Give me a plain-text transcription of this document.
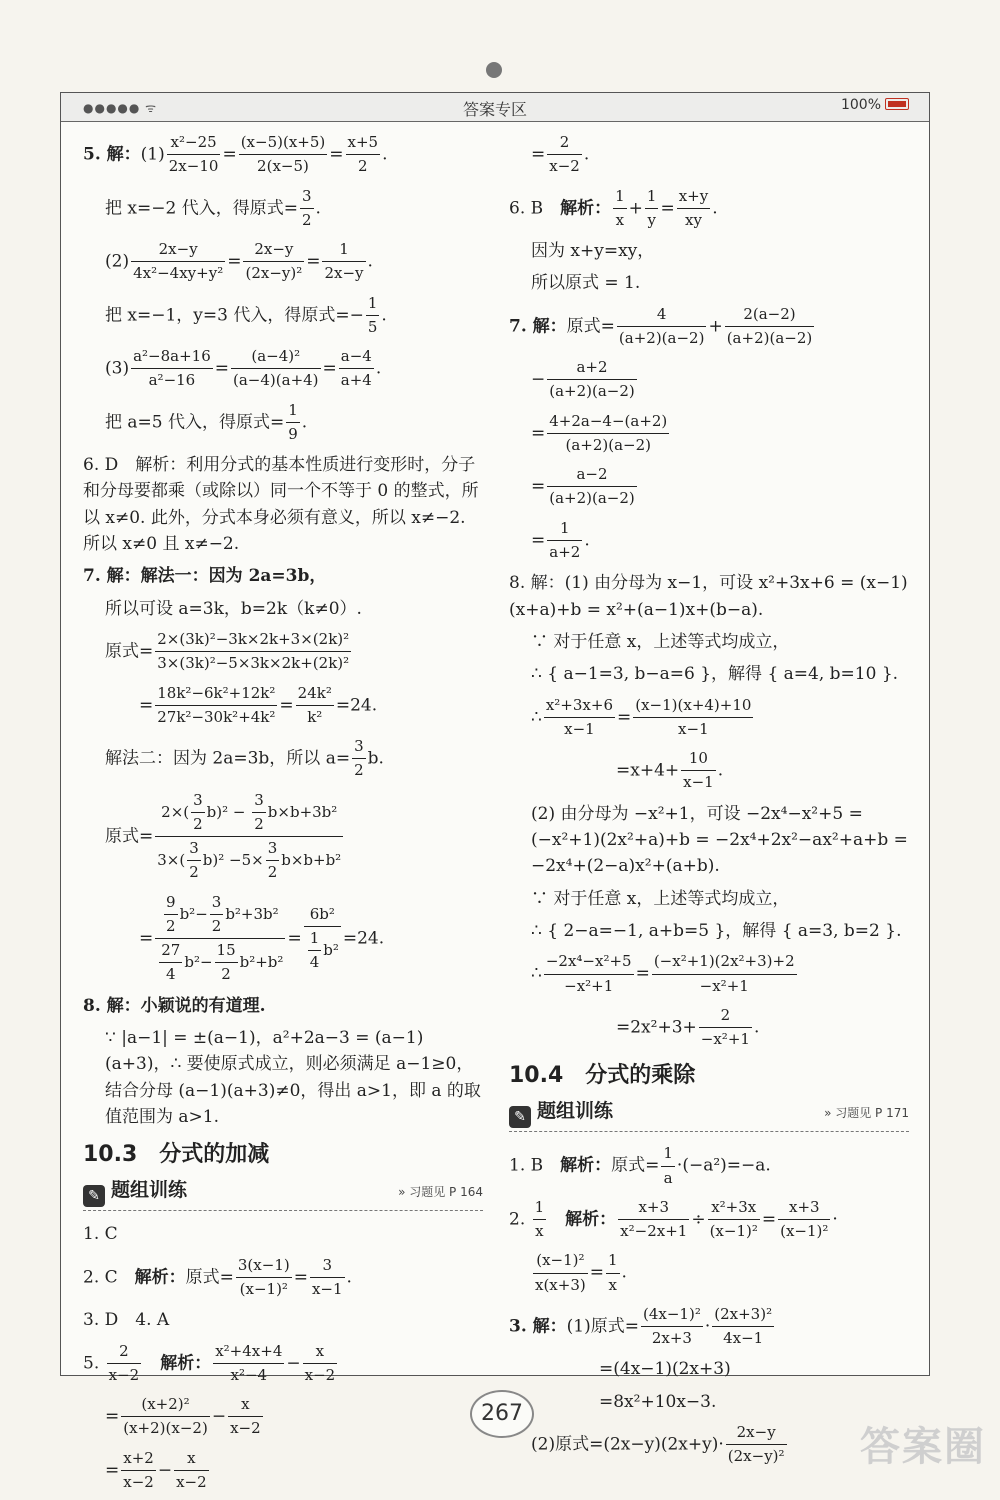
●●●●● ᯤ	答案专区	100%

5. 解：$(1) \frac{\text{x²−25}}{2x-10} = \frac{(x-5)(x+5)}{2(x-5)} = \frac{x+5}{2}$ .

把 x=−2 代入，得原式= $\frac{3}{2}$ .

$(2) \frac{2x-y}{\text{4x²−4xy+y²}} = \frac{2x-y}{\text{(2x−y)²}} = \frac{1}{2x-y}$ .

把 x=−1，y=3 代入，得原式=− $\frac{1}{5}$ .

$(3) \frac{\text{a²−8a+16}}{\text{a²−16}} = \frac{\text{(a−4)²}}{(a-4)(a+4)} = \frac{a-4}{a+4}$ .

把 a=5 代入，得原式= $\frac{1}{9}$ .

6. D　解析：利用分式的基本性质进行变形时，分子和分母要都乘（或除以）同一个不等于 0 的整式，所以 x≠0. 此外，分式本身必须有意义，所以 x≠−2. 所以 x≠0 且 x≠−2.

7. 解：解法一：因为 2a=3b，

所以可设 a=3k，b=2k（k≠0）.

原式= $\frac{\text{2×(3k)²−3k×2k+3×(2k)²}}{\text{3×(3k)²−5×3k×2k+(2k)²}}$

　　= $\frac{\text{18k²−6k²+12k²}}{\text{27k²−30k²+4k²}} = \frac{\text{24k²}}{\text{k²}} =24$.

解法二：因为 2a=3b，所以 $a= \frac{3}{2} b$.

原式= $\frac{2\times( \frac{3}{2} b)^2 - \frac{3}{2} b\times b+3b^2}{3\times( \frac{3}{2} b)^2 -5\times \frac{3}{2} b\times b+b^2}$

　　= $\frac{\frac{9}{2} b^2- \frac{3}{2} b^2+3b^2}{\frac{27}{4} b^2- \frac{15}{2} b^2+b^2} = \frac{\text{6b²}}{\frac{1}{4} b^2} =24$.

8. 解：小颖说的有道理.

∵ |a−1| = ±(a−1)，a²+2a−3 = (a−1)(a+3)，∴ 要使原式成立，则必须满足 a−1≥0，结合分母 (a−1)(a+3)≠0，得出 a>1，即 a 的取值范围为 a>1.

10.3　分式的加减
✎ 题组训练	» 习题见 P 164

1. C

2. C　解析：原式= $\frac{3(x-1)}{\text{(x−1)²}} = \frac{3}{x-1}$ .

3. D　4. A

5. $\frac{2}{x-2}$
　 解析： $\frac{\text{x²+4x+4}}{\text{x²−4}} - \frac{x}{x-2}$

= $\frac{\text{(x+2)²}}{(x+2)(x-2)} - \frac{x}{x-2}$

= $\frac{x+2}{x-2} - \frac{x}{x-2}$

= $\frac{2}{x-2}$ .

6. B　解析： $\frac{1}{x} + \frac{1}{y} = \frac{x+y}{xy}$ .

因为 x+y=xy，

所以原式 = 1.

7. 解：原式= $\frac{4}{(a+2)(a-2)} + \frac{2(a-2)}{(a+2)(a-2)}$

− $\frac{a+2}{(a+2)(a-2)}$

= $\frac{4+2a-4-(a+2)}{(a+2)(a-2)}$

= $\frac{a-2}{(a+2)(a-2)}$

= $\frac{1}{a+2}$ .

8. 解：(1) 由分母为 x−1，可设 x²+3x+6 = (x−1)(x+a)+b = x²+(a−1)x+(b−a).

∵ 对于任意 x，上述等式均成立，

∴ { a−1=3, b−a=6 }，解得 { a=4, b=10 }.

∴ $\frac{\text{x²+3x+6}}{x-1} = \frac{(x-1)(x+4)+10}{x-1}$

　　　　　$=x+4+ \frac{10}{x-1}$ .

(2) 由分母为 −x²+1，可设 −2x⁴−x²+5 = (−x²+1)(2x²+a)+b = −2x⁴+2x²−ax²+a+b = −2x⁴+(2−a)x²+(a+b).

∵ 对于任意 x，上述等式均成立，

∴ { 2−a=−1, a+b=5 }，解得 { a=3, b=2 }.

∴ $\frac{\text{−2x⁴−x²+5}}{\text{−x²+1}} = \frac{\text{(−x²+1)(2x²+3)+2}}{\text{−x²+1}}$

　　　　　$=2x^2+3+ \frac{2}{\text{−x²+1}}$ .

10.4　分式的乘除
✎ 题组训练	» 习题见 P 171

1. B　解析：原式= $\frac{1}{a} \cdot(-a^2)=-a$.

2. $\frac{1}{x}$
　 解析： $\frac{x+3}{\text{x²−2x+1}} \div \frac{\text{x²+3x}}{\text{(x−1)²}} = \frac{x+3}{\text{(x−1)²}}$ ·

$\frac{\text{(x−1)²}}{x(x+3)} = \frac{1}{x}$ .

3. 解：(1)原式= $\frac{\text{(4x−1)²}}{2x+3} \cdot \frac{\text{(2x+3)²}}{4x-1}$

　　　　=(4x−1)(2x+3)

　　　　=8x²+10x−3.

(2)原式$=(2x-y)(2x+y)\cdot \frac{2x-y}{\text{(2x−y)²}}$

267
答案圈
